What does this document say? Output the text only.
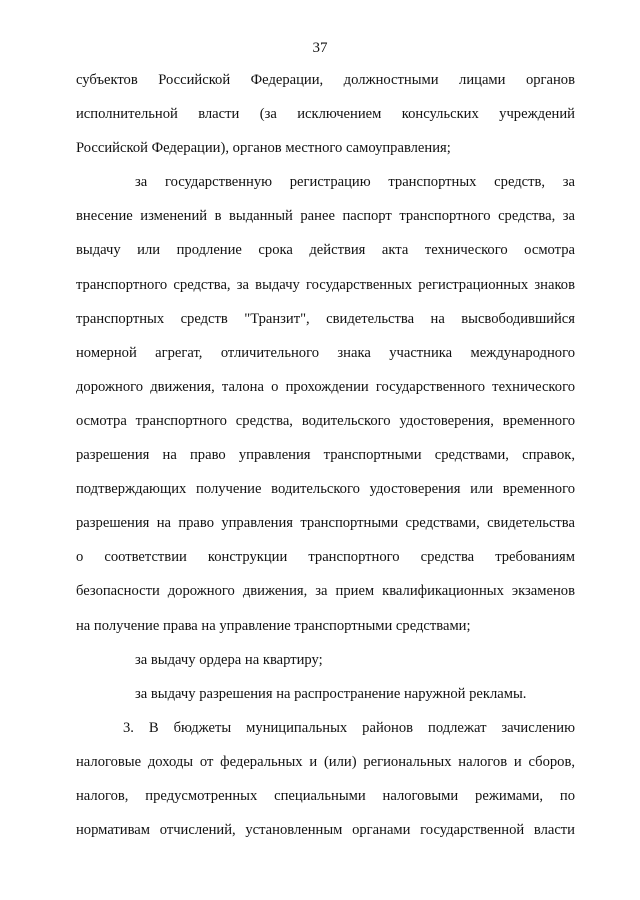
37
субъектов Российской Федерации, должностными лицами органов
исполнительной власти (за исключением консульских учреждений
Российской Федерации), органов местного самоуправления;
за государственную регистрацию транспортных средств, за
внесение изменений в выданный ранее паспорт транспортного средства, за
выдачу или продление срока действия акта технического осмотра
транспортного средства, за выдачу государственных регистрационных знаков
транспортных средств "Транзит", свидетельства на высвободившийся
номерной агрегат, отличительного знака участника международного
дорожного движения, талона о прохождении государственного технического
осмотра транспортного средства, водительского удостоверения, временного
разрешения на право управления транспортными средствами, справок,
подтверждающих получение водительского удостоверения или временного
разрешения на право управления транспортными средствами, свидетельства
о соответствии конструкции транспортного средства требованиям
безопасности дорожного движения, за прием квалификационных экзаменов
на получение права на управление транспортными средствами;
за выдачу ордера на квартиру;
за выдачу разрешения на распространение наружной рекламы.
3. В бюджеты муниципальных районов подлежат зачислению
налоговые доходы от федеральных и (или) региональных налогов и сборов,
налогов, предусмотренных специальными налоговыми режимами, по
нормативам отчислений, установленным органами государственной власти
